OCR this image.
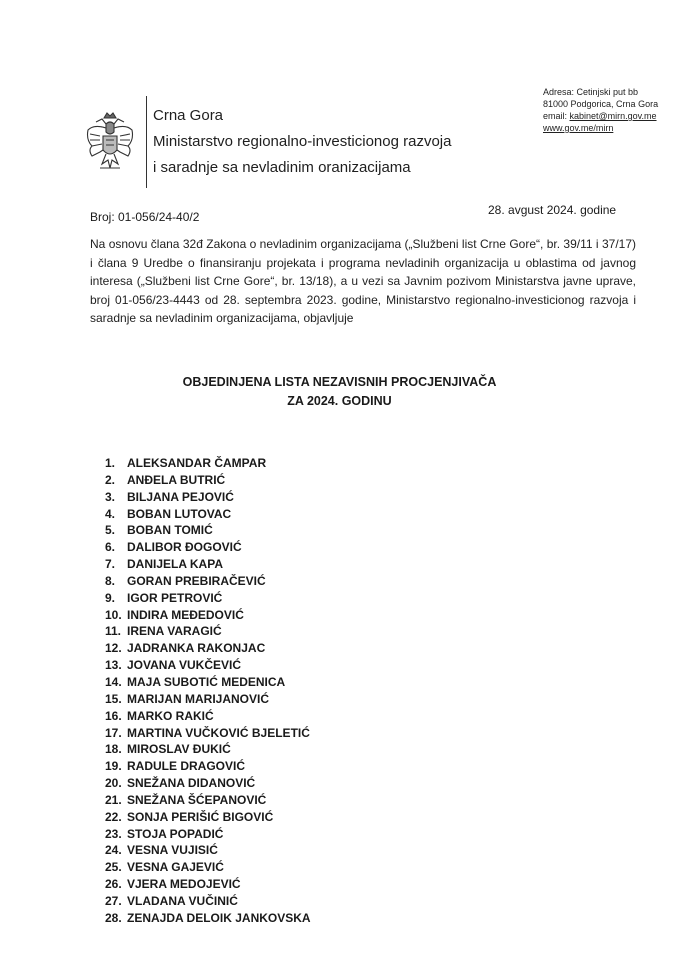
Crna Gora
Ministarstvo regionalno-investicionog razvoja
i saradnje sa nevladinim oranizacijama
Adresa: Cetinjski put bb
81000 Podgorica, Crna Gora
email: kabinet@mirn.gov.me
www.gov.me/mirn
Broj: 01-056/24-40/2	28. avgust 2024. godine
Na osnovu člana 32đ Zakona o nevladinim organizacijama („Službeni list Crne Gore“, br. 39/11 i 37/17) i člana 9 Uredbe o finansiranju projekata i programa nevladinih organizacija u oblastima od javnog interesa („Službeni list Crne Gore“, br. 13/18), a u vezi sa Javnim pozivom Ministarstva javne uprave, broj 01-056/23-4443 od 28. septembra 2023. godine, Ministarstvo regionalno-investicionog razvoja i saradnje sa nevladinim organizacijama, objavljuje
OBJEDINJENA LISTA NEZAVISNIH PROCJENJIVAČA
ZA 2024. GODINU
1. ALEKSANDAR ČAMPAR
2. ANĐELA BUTRIĆ
3. BILJANA PEJOVIĆ
4. BOBAN LUTOVAC
5. BOBAN TOMIĆ
6. DALIBOR ĐOGOVIĆ
7. DANIJELA KAPA
8. GORAN PREBIRAČEVIĆ
9. IGOR PETROVIĆ
10. INDIRA MEĐEDOVIĆ
11. IRENA VARAGIĆ
12. JADRANKA RAKONJAC
13. JOVANA VUKČEVIĆ
14. MAJA SUBOTIĆ MEDENICA
15. MARIJAN MARIJANOVIĆ
16. MARKO RAKIĆ
17. MARTINA VUČKOVIĆ BJELETIĆ
18. MIROSLAV ĐUKIĆ
19. RADULE DRAGOVIĆ
20. SNEŽANA DIDANOVIĆ
21. SNEŽANA ŠĆEPANOVIĆ
22. SONJA PERIŠIĆ BIGOVIĆ
23. STOJA POPADIĆ
24. VESNA VUJISIĆ
25. VESNA GAJEVIĆ
26. VJERA MEDOJEVIĆ
27. VLADANA VUČINIĆ
28. ZENAJDA DELOIK JANKOVSKA
